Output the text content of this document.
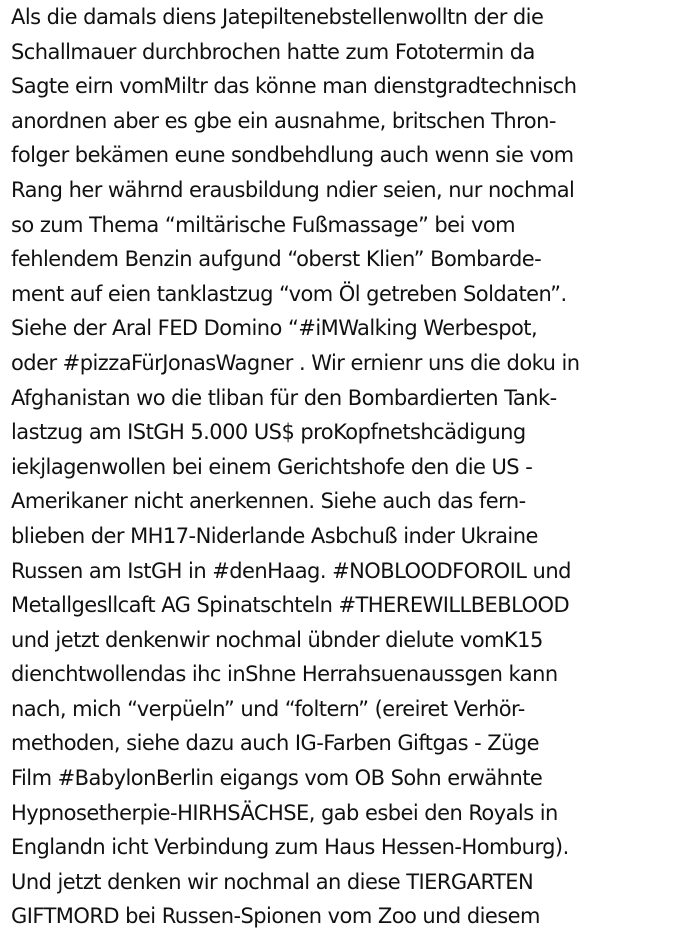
Als die damals diens Jatepiltenebstellenwolltn der die
Schallmauer durchbrochen hatte zum Fototermin da
Sagte eirn vomMiltr das könne man dienstgradtechnisch
anordnen aber es gbe ein ausnahme, britschen Thron-
folger bekämen eune sondbehdlung auch wenn sie vom
Rang her währnd erausbildung ndier seien, nur nochmal
so zum Thema “miltärische Fußmassage” bei vom
fehlendem Benzin aufgund “oberst Klien” Bombarde-
ment auf eien tanklastzug “vom Öl getreben Soldaten”.
Siehe der Aral FED Domino “#iMWalking Werbespot,
oder #pizzaFürJonasWagner . Wir ernienr uns die doku in
Afghanistan wo die tliban für den Bombardierten Tank-
lastzug am IStGH 5.000 US$ proKopfnetshcädigung
iekjlagenwollen bei einem Gerichtshofe den die US -
Amerikaner nicht anerkennen. Siehe auch das fern-
blieben der MH17-Niderlande Asbchuß inder Ukraine
Russen am IstGH in #denHaag. #NOBLOODFOROIL und
Metallgesllcaft AG Spinatschteln #THEREWILLBEBLOOD
und jetzt denkenwir nochmal übnder dielute vomK15
dienchtwollendas ihc inShne Herrahsuenaussgen kann
nach, mich “verpüeln” und “foltern” (ereiret Verhör-
methoden, siehe dazu auch IG-Farben Giftgas - Züge
Film #BabylonBerlin eigangs vom OB Sohn erwähnte
Hypnosetherpie-HIRHSÄCHSE, gab esbei den Royals in
Englandn icht Verbindung zum Haus Hessen-Homburg).
Und jetzt denken wir nochmal an diese TIERGARTEN
GIFTMORD bei Russen-Spionen vom Zoo und diesem
